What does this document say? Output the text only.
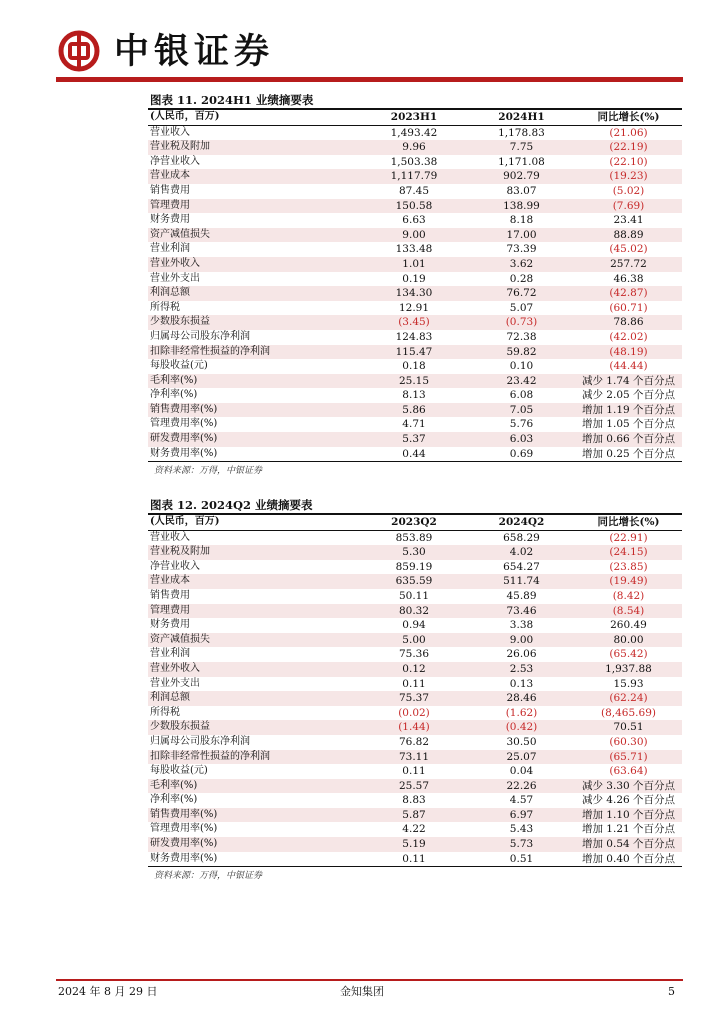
中银证券
图表 11. 2024H1 业绩摘要表
(人民币，百万)	2023H1	2024H1	同比增长(%)
营业收入	1,493.42	1,178.83	(21.06)
营业税及附加	9.96	7.75	(22.19)
净营业收入	1,503.38	1,171.08	(22.10)
营业成本	1,117.79	902.79	(19.23)
销售费用	87.45	83.07	(5.02)
管理费用	150.58	138.99	(7.69)
财务费用	6.63	8.18	23.41
资产减值损失	9.00	17.00	88.89
营业利润	133.48	73.39	(45.02)
营业外收入	1.01	3.62	257.72
营业外支出	0.19	0.28	46.38
利润总额	134.30	76.72	(42.87)
所得税	12.91	5.07	(60.71)
少数股东损益	(3.45)	(0.73)	78.86
归属母公司股东净利润	124.83	72.38	(42.02)
扣除非经常性损益的净利润	115.47	59.82	(48.19)
每股收益(元)	0.18	0.10	(44.44)
毛利率(%)	25.15	23.42	减少 1.74 个百分点
净利率(%)	8.13	6.08	减少 2.05 个百分点
销售费用率(%)	5.86	7.05	增加 1.19 个百分点
管理费用率(%)	4.71	5.76	增加 1.05 个百分点
研发费用率(%)	5.37	6.03	增加 0.66 个百分点
财务费用率(%)	0.44	0.69	增加 0.25 个百分点
资料来源：万得，中银证券
图表 12. 2024Q2 业绩摘要表
(人民币，百万)	2023Q2	2024Q2	同比增长(%)
营业收入	853.89	658.29	(22.91)
营业税及附加	5.30	4.02	(24.15)
净营业收入	859.19	654.27	(23.85)
营业成本	635.59	511.74	(19.49)
销售费用	50.11	45.89	(8.42)
管理费用	80.32	73.46	(8.54)
财务费用	0.94	3.38	260.49
资产减值损失	5.00	9.00	80.00
营业利润	75.36	26.06	(65.42)
营业外收入	0.12	2.53	1,937.88
营业外支出	0.11	0.13	15.93
利润总额	75.37	28.46	(62.24)
所得税	(0.02)	(1.62)	(8,465.69)
少数股东损益	(1.44)	(0.42)	70.51
归属母公司股东净利润	76.82	30.50	(60.30)
扣除非经常性损益的净利润	73.11	25.07	(65.71)
每股收益(元)	0.11	0.04	(63.64)
毛利率(%)	25.57	22.26	减少 3.30 个百分点
净利率(%)	8.83	4.57	减少 4.26 个百分点
销售费用率(%)	5.87	6.97	增加 1.10 个百分点
管理费用率(%)	4.22	5.43	增加 1.21 个百分点
研发费用率(%)	5.19	5.73	增加 0.54 个百分点
财务费用率(%)	0.11	0.51	增加 0.40 个百分点
资料来源：万得，中银证券
2024 年 8 月 29 日	金知集团	5
